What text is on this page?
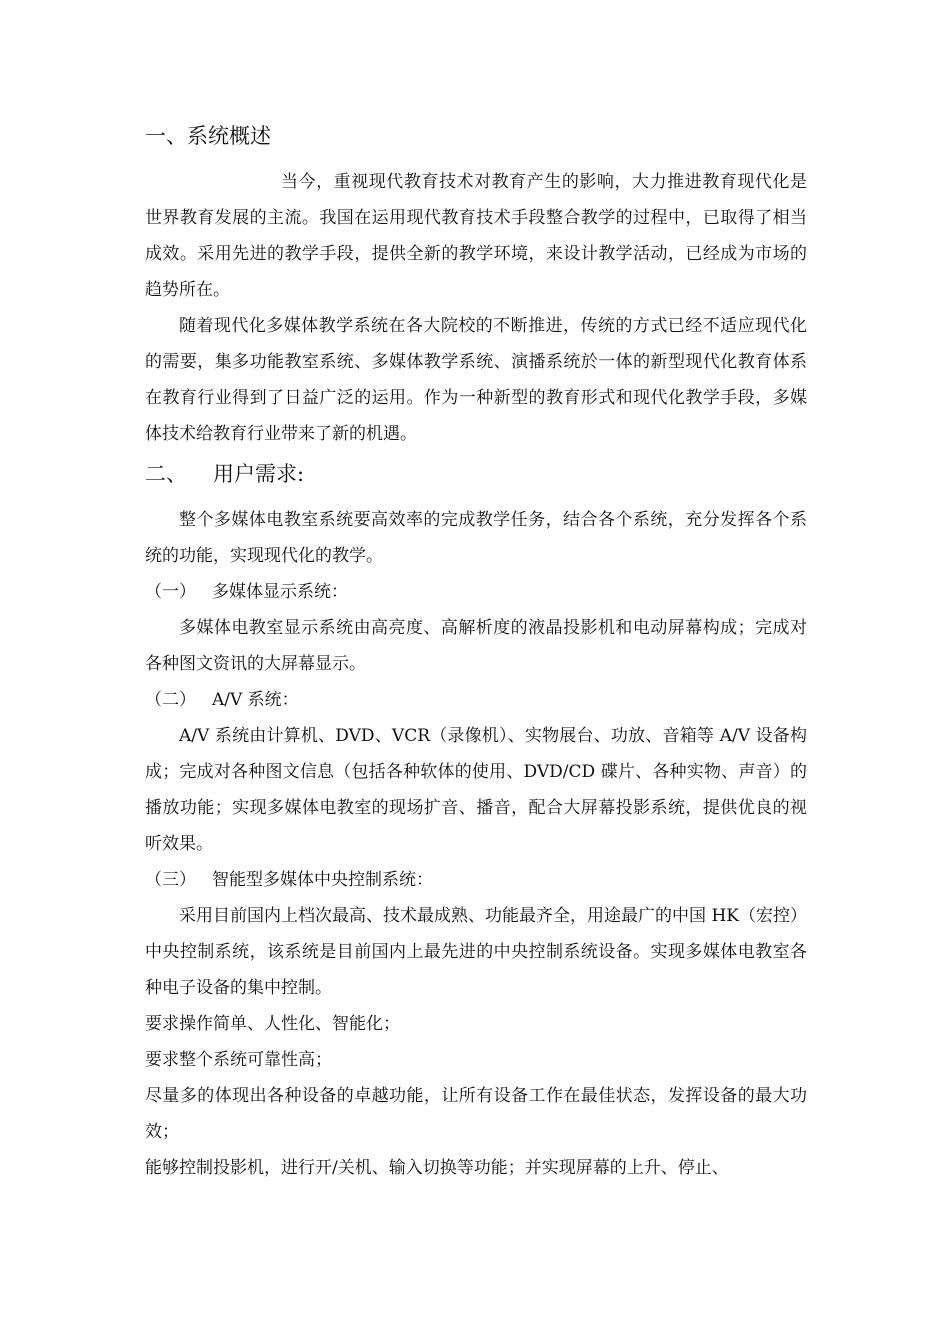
一、系统概述

当今，重视现代教育技术对教育产生的影响，大力推进教育现代化是世界教育发展的主流。我国在运用现代教育技术手段整合教学的过程中，已取得了相当成效。采用先进的教学手段，提供全新的教学环境，来设计教学活动，已经成为市场的趋势所在。

随着现代化多媒体教学系统在各大院校的不断推进，传统的方式已经不适应现代化的需要，集多功能教室系统、多媒体教学系统、演播系统於一体的新型现代化教育体系在教育行业得到了日益广泛的运用。作为一种新型的教育形式和现代化教学手段，多媒体技术给教育行业带来了新的机遇。

二、 用户需求:

整个多媒体电教室系统要高效率的完成教学任务，结合各个系统，充分发挥各个系统的功能，实现现代化的教学。

（一） 多媒体显示系统：

多媒体电教室显示系统由高亮度、高解析度的液晶投影机和电动屏幕构成；完成对各种图文资讯的大屏幕显示。

（二） A/V 系统：

A/V 系统由计算机、DVD、VCR（录像机）、实物展台、功放、音箱等 A/V 设备构成；完成对各种图文信息（包括各种软体的使用、DVD/CD 碟片、各种实物、声音）的播放功能；实现多媒体电教室的现场扩音、播音，配合大屏幕投影系统，提供优良的视听效果。

（三） 智能型多媒体中央控制系统：

采用目前国内上档次最高、技术最成熟、功能最齐全，用途最广的中国 HK（宏控）中央控制系统，该系统是目前国内上最先进的中央控制系统设备。实现多媒体电教室各种电子设备的集中控制。

要求操作简单、人性化、智能化；

要求整个系统可靠性高；

尽量多的体现出各种设备的卓越功能，让所有设备工作在最佳状态，发挥设备的最大功效；

能够控制投影机，进行开/关机、输入切换等功能；并实现屏幕的上升、停止、
